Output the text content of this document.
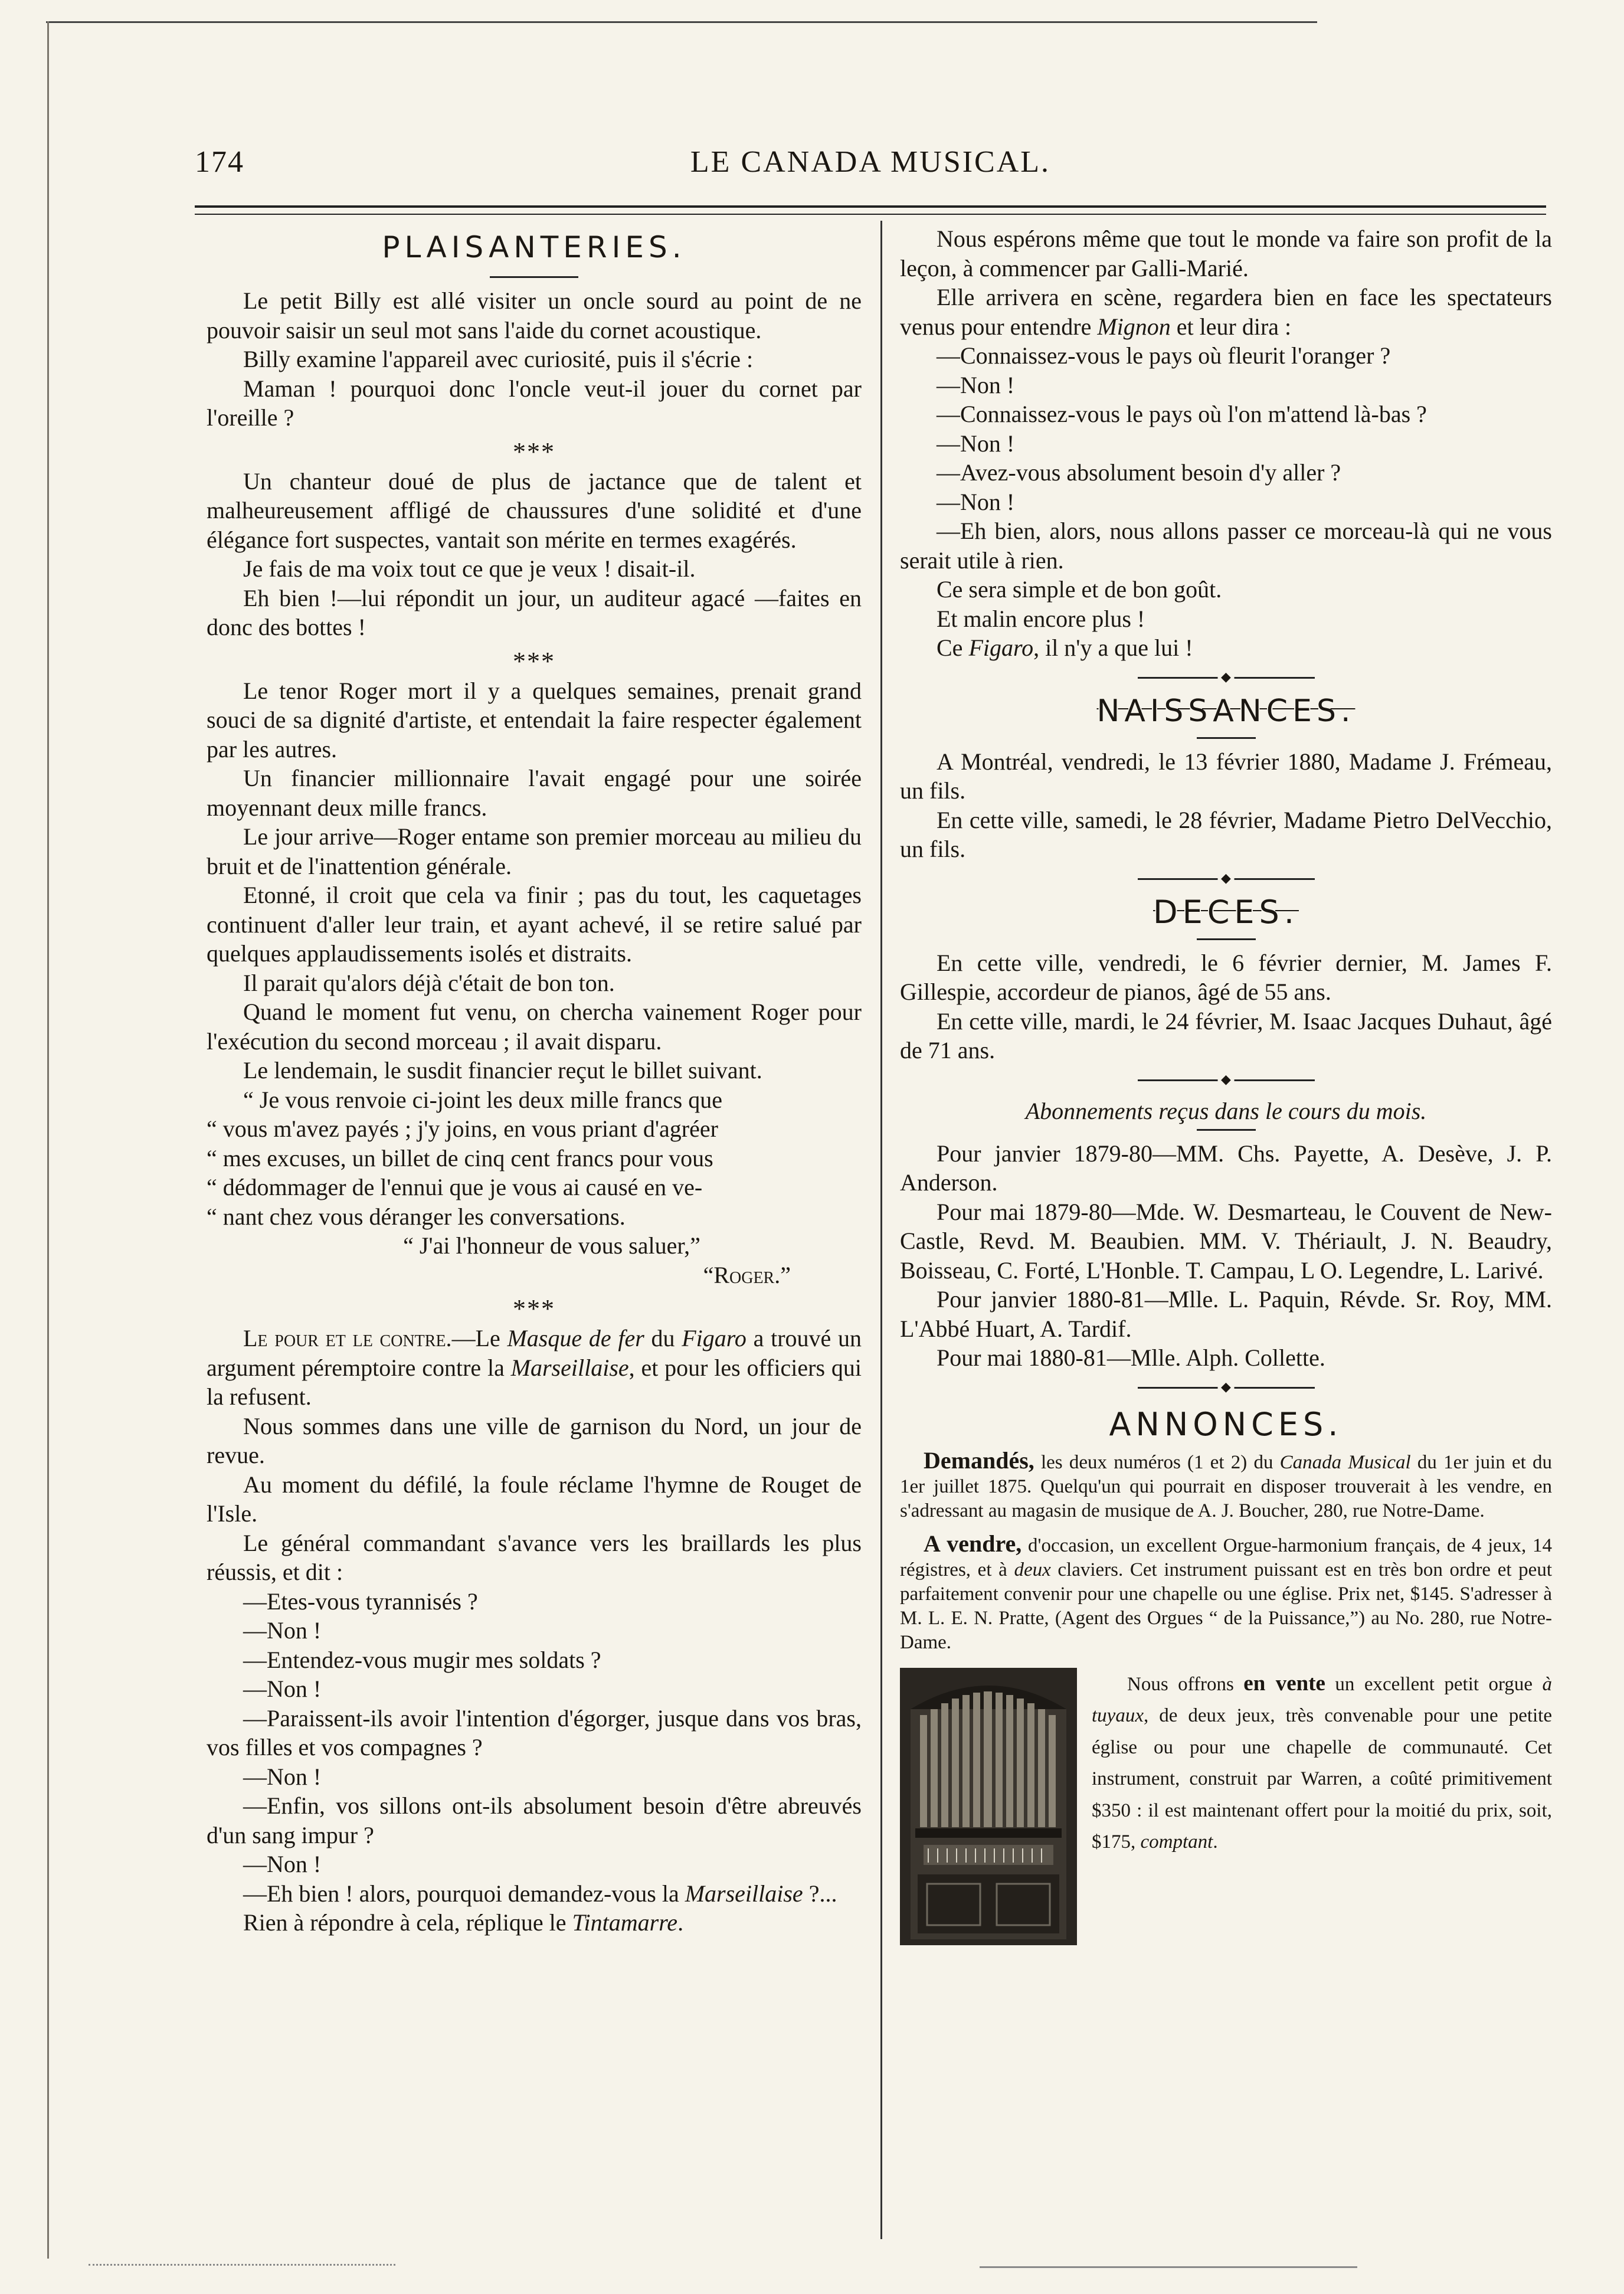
174	LE CANADA MUSICAL.
PLAISANTERIES.

Le petit Billy est allé visiter un oncle sourd au point de ne pouvoir saisir un seul mot sans l'aide du cornet acoustique.

Billy examine l'appareil avec curiosité, puis il s'écrie :

Maman ! pourquoi donc l'oncle veut-il jouer du cornet par l'oreille ?

***

Un chanteur doué de plus de jactance que de talent et malheureusement affligé de chaussures d'une solidité et d'une élégance fort suspectes, vantait son mérite en termes exagérés.

Je fais de ma voix tout ce que je veux ! disait-il.

Eh bien !—lui répondit un jour, un auditeur agacé —faites en donc des bottes !

***

Le tenor Roger mort il y a quelques semaines, prenait grand souci de sa dignité d'artiste, et entendait la faire respecter également par les autres.

Un financier millionnaire l'avait engagé pour une soirée moyennant deux mille francs.

Le jour arrive—Roger entame son premier morceau au milieu du bruit et de l'inattention générale.

Etonné, il croit que cela va finir ; pas du tout, les caquetages continuent d'aller leur train, et ayant achevé, il se retire salué par quelques applaudissements isolés et distraits.

Il parait qu'alors déjà c'était de bon ton.

Quand le moment fut venu, on chercha vainement Roger pour l'exécution du second morceau ; il avait disparu.

Le lendemain, le susdit financier reçut le billet suivant.

“ Je vous renvoie ci-joint les deux mille francs que

“ vous m'avez payés ; j'y joins, en vous priant d'agréer

“ mes excuses, un billet de cinq cent francs pour vous

“ dédommager de l'ennui que je vous ai causé en ve-

“ nant chez vous déranger les conversations.

“ J'ai l'honneur de vous saluer,”

“Roger.”

***

Le pour et le contre.—Le Masque de fer du Figaro a trouvé un argument péremptoire contre la Marseillaise, et pour les officiers qui la refusent.

Nous sommes dans une ville de garnison du Nord, un jour de revue.

Au moment du défilé, la foule réclame l'hymne de Rouget de l'Isle.

Le général commandant s'avance vers les braillards les plus réussis, et dit :

—Etes-vous tyrannisés ?

—Non !

—Entendez-vous mugir mes soldats ?

—Non !

—Paraissent-ils avoir l'intention d'égorger, jusque dans vos bras, vos filles et vos compagnes ?

—Non !

—Enfin, vos sillons ont-ils absolument besoin d'être abreuvés d'un sang impur ?

—Non !

—Eh bien ! alors, pourquoi demandez-vous la Marseillaise ?...

Rien à répondre à cela, réplique le Tintamarre.

Nous espérons même que tout le monde va faire son profit de la leçon, à commencer par Galli-Marié.

Elle arrivera en scène, regardera bien en face les spectateurs venus pour entendre Mignon et leur dira :

—Connaissez-vous le pays où fleurit l'oranger ?

—Non !

—Connaissez-vous le pays où l'on m'attend là-bas ?

—Non !

—Avez-vous absolument besoin d'y aller ?

—Non !

—Eh bien, alors, nous allons passer ce morceau-là qui ne vous serait utile à rien.

Ce sera simple et de bon goût.

Et malin encore plus !

Ce Figaro, il n'y a que lui !

◆
NAISSANCES.

A Montréal, vendredi, le 13 février 1880, Madame J. Frémeau, un fils.

En cette ville, samedi, le 28 février, Madame Pietro DelVecchio, un fils.

◆
DECES.

En cette ville, vendredi, le 6 février dernier, M. James F. Gillespie, accordeur de pianos, âgé de 55 ans.

En cette ville, mardi, le 24 février, M. Isaac Jacques Duhaut, âgé de 71 ans.

◆
Abonnements reçus dans le cours du mois.

Pour janvier 1879-80—MM. Chs. Payette, A. Desève, J. P. Anderson.

Pour mai 1879-80—Mde. W. Desmarteau, le Couvent de New-Castle, Revd. M. Beaubien. MM. V. Thériault, J. N. Beaudry, Boisseau, C. Forté, L'Honble. T. Campau, L O. Legendre, L. Larivé.

Pour janvier 1880-81—Mlle. L. Paquin, Révde. Sr. Roy, MM. L'Abbé Huart, A. Tardif.

Pour mai 1880-81—Mlle. Alph. Collette.

◆
ANNONCES.

Demandés, les deux numéros (1 et 2) du Canada Musical du 1er juin et du 1er juillet 1875. Quelqu'un qui pourrait en disposer trouverait à les vendre, en s'adressant au magasin de musique de A. J. Boucher, 280, rue Notre-Dame.

A vendre, d'occasion, un excellent Orgue-harmonium français, de 4 jeux, 14 régistres, et à deux claviers. Cet instrument puissant est en très bon ordre et peut parfaitement convenir pour une chapelle ou une église. Prix net, $145. S'adresser à M. L. E. N. Pratte, (Agent des Orgues “ de la Puissance,”) au No. 280, rue Notre-Dame.

Nous offrons en vente un excellent petit orgue à tuyaux, de deux jeux, très convenable pour une petite église ou pour une chapelle de communauté. Cet instrument, construit par Warren, a coûté primitivement $350 : il est maintenant offert pour la moitié du prix, soit, $175, comptant.
